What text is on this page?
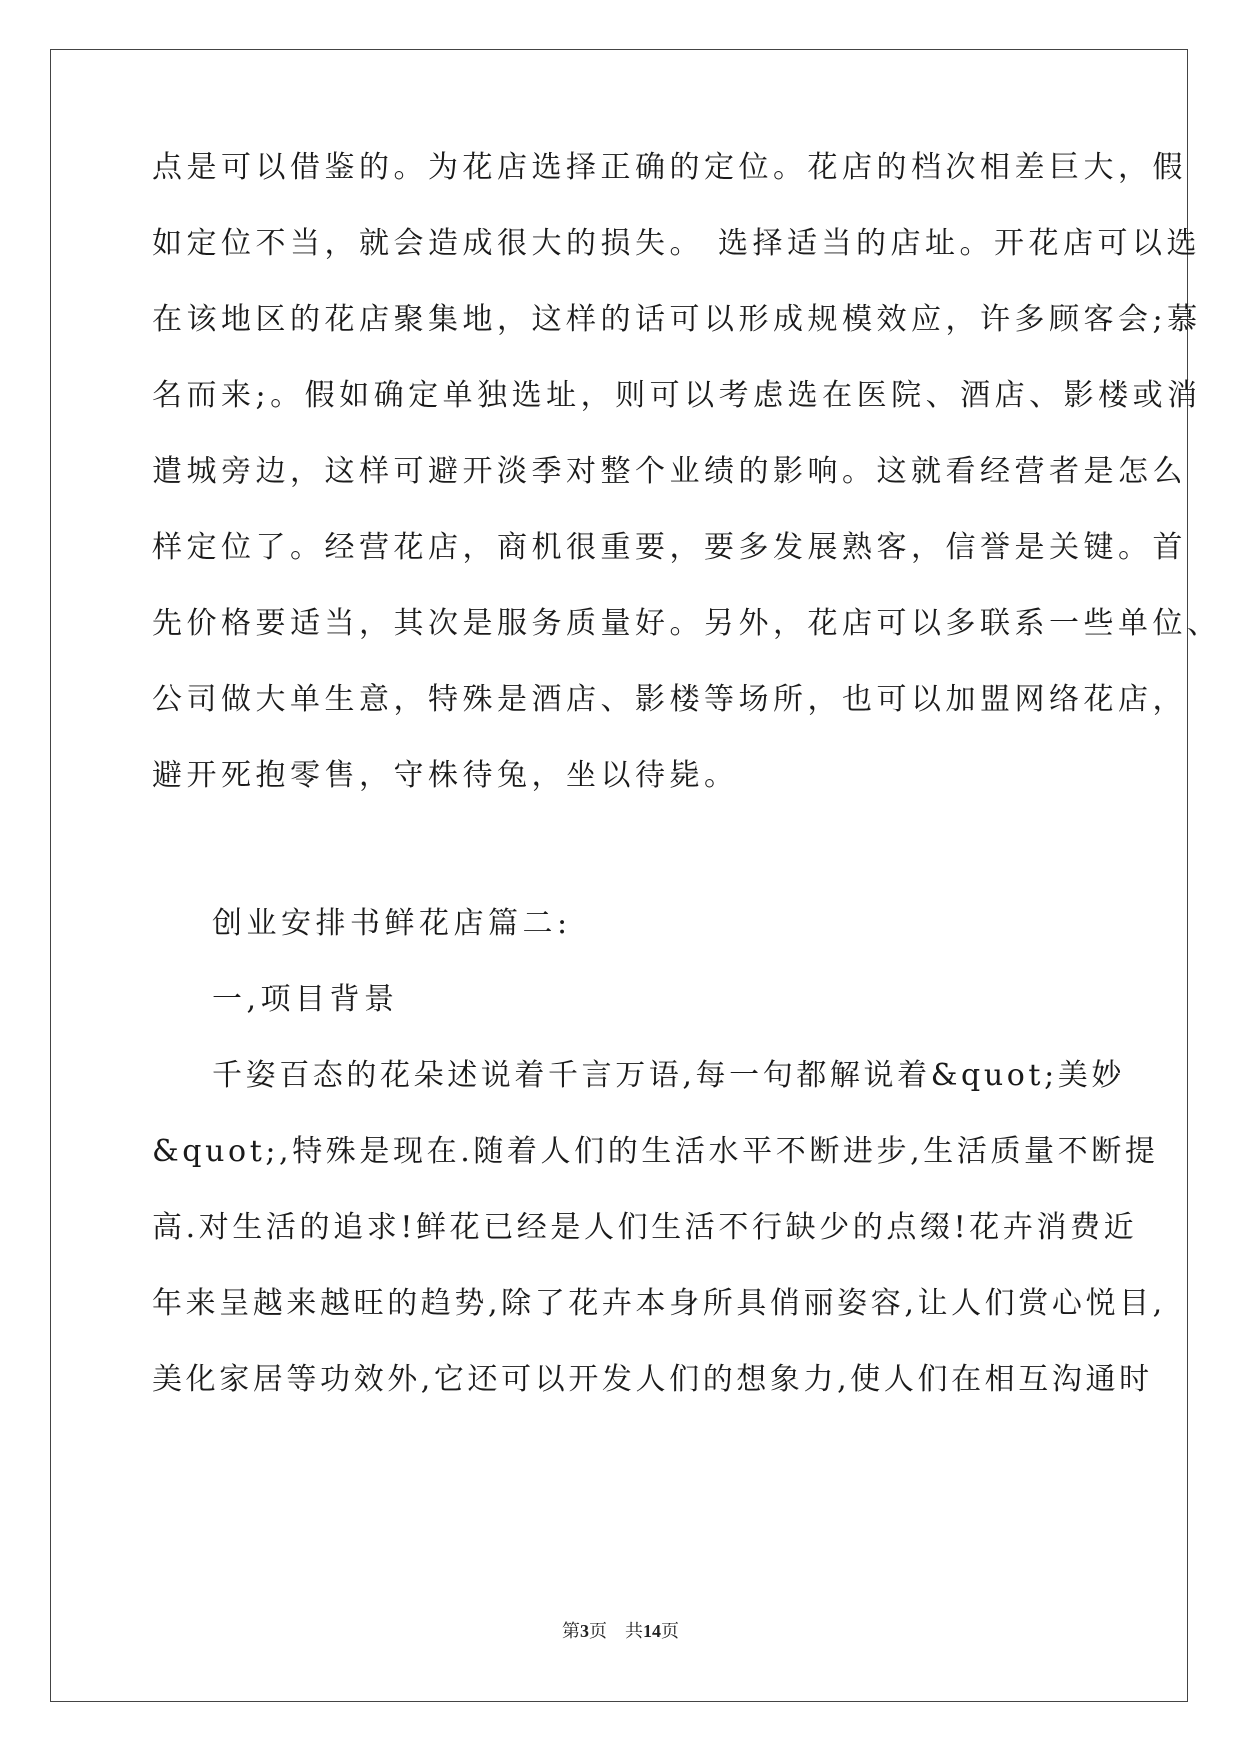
点是可以借鉴的。为花店选择正确的定位。花店的档次相差巨大，假
如定位不当，就会造成很大的损失。 选择适当的店址。开花店可以选
在该地区的花店聚集地，这样的话可以形成规模效应，许多顾客会;慕
名而来;。假如确定单独选址，则可以考虑选在医院、酒店、影楼或消
遣城旁边，这样可避开淡季对整个业绩的影响。这就看经营者是怎么
样定位了。经营花店，商机很重要，要多发展熟客，信誉是关键。首
先价格要适当，其次是服务质量好。另外，花店可以多联系一些单位、
公司做大单生意，特殊是酒店、影楼等场所，也可以加盟网络花店，
避开死抱零售，守株待兔，坐以待毙。
创业安排书鲜花店篇二:
一,项目背景
千姿百态的花朵述说着千言万语,每一句都解说着&quot;美妙
&quot;,特殊是现在.随着人们的生活水平不断进步,生活质量不断提
高.对生活的追求!鲜花已经是人们生活不行缺少的点缀!花卉消费近
年来呈越来越旺的趋势,除了花卉本身所具俏丽姿容,让人们赏心悦目,
美化家居等功效外,它还可以开发人们的想象力,使人们在相互沟通时
第3页 共14页
